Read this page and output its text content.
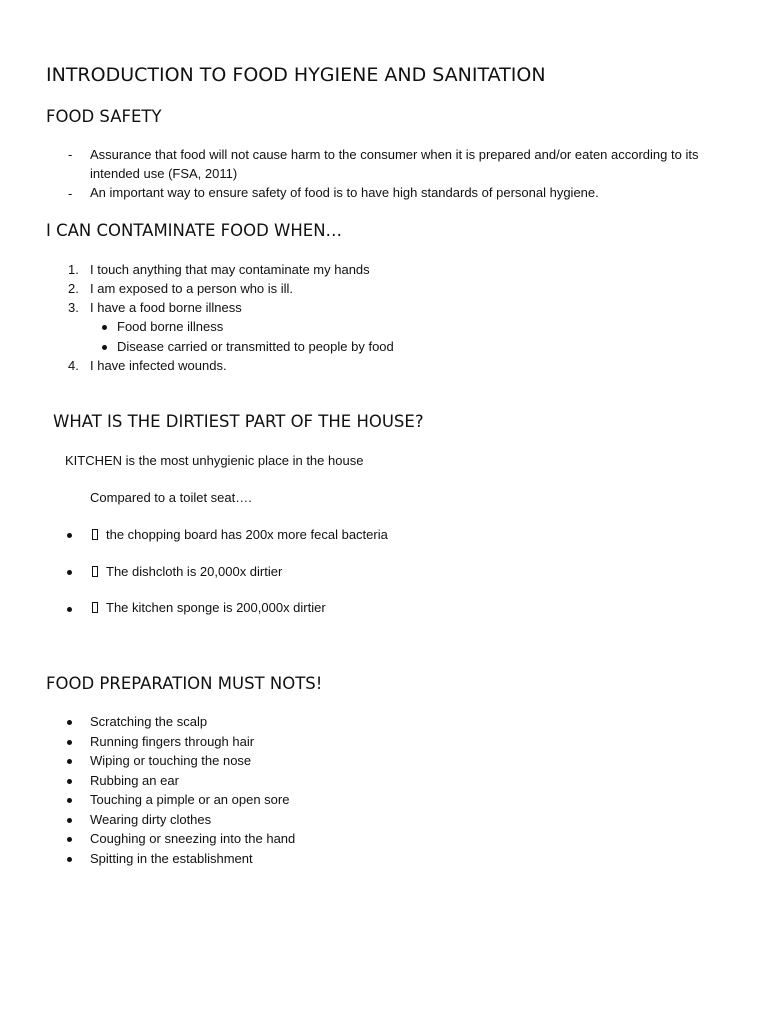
INTRODUCTION TO FOOD HYGIENE AND SANITATION
FOOD SAFETY
- Assurance that food will not cause harm to the consumer when it is prepared and/or eaten according to its intended use (FSA, 2011)
- An important way to ensure safety of food is to have high standards of personal hygiene.
I CAN CONTAMINATE FOOD WHEN…
1. I touch anything that may contaminate my hands
2. I am exposed to a person who is ill.
3. I have a food borne illness
Food borne illness
Disease carried or transmitted to people by food
4. I have infected wounds.
WHAT IS THE DIRTIEST PART OF THE HOUSE?
KITCHEN is the most unhygienic place in the house
Compared to a toilet seat….
the chopping board has 200x more fecal bacteria
The dishcloth is 20,000x dirtier
The kitchen sponge is 200,000x dirtier
FOOD PREPARATION MUST NOTS!
Scratching the scalp
Running fingers through hair
Wiping or touching the nose
Rubbing an ear
Touching a pimple or an open sore
Wearing dirty clothes
Coughing or sneezing into the hand
Spitting in the establishment
